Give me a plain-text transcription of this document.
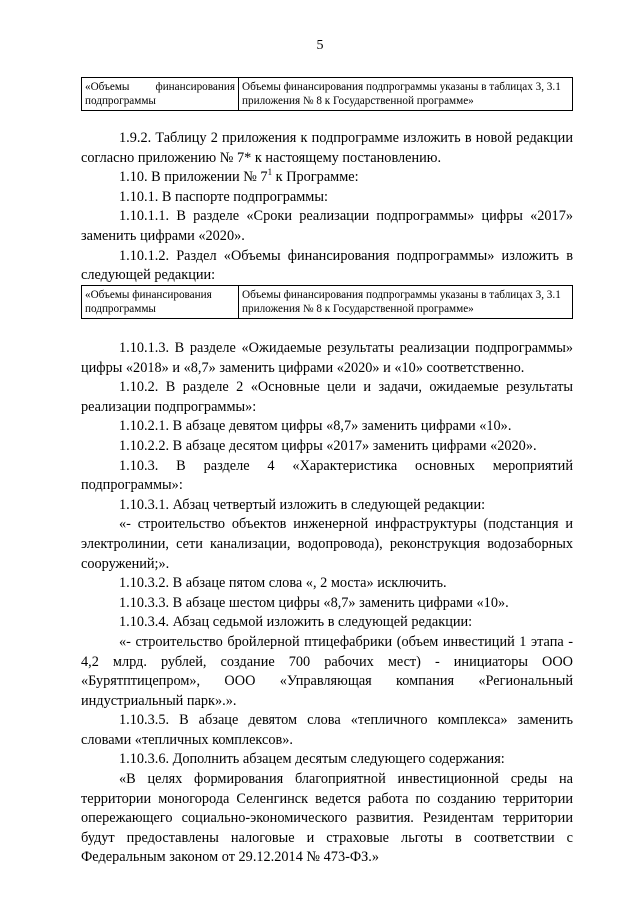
5
«Объемы финансирования
подпрограммы
	Объемы финансирования подпрограммы указаны в таблицах 3, 3.1 приложения № 8 к Государственной программе»

1.9.2. Таблицу 2 приложения к подпрограмме изложить в новой редакции согласно приложению № 7* к настоящему постановлению.

1.10. В приложении № $7^1$ к Программе:

1.10.1. В паспорте подпрограммы:

1.10.1.1. В разделе «Сроки реализации подпрограммы» цифры «2017» заменить цифрами «2020».

1.10.1.2. Раздел «Объемы финансирования подпрограммы» изложить в следующей редакции:

«Объемы финансирования
подпрограммы
	Объемы финансирования подпрограммы указаны в таблицах 3, 3.1 приложения № 8 к Государственной программе»

1.10.1.3. В разделе «Ожидаемые результаты реализации подпрограммы» цифры «2018» и «8,7» заменить цифрами «2020» и «10» соответственно.

1.10.2. В разделе 2 «Основные цели и задачи, ожидаемые результаты реализации подпрограммы»:

1.10.2.1. В абзаце девятом цифры «8,7» заменить цифрами «10».

1.10.2.2. В абзаце десятом цифры «2017» заменить цифрами «2020».

1.10.3. В разделе 4 «Характеристика основных мероприятий подпрограммы»:

1.10.3.1. Абзац четвертый изложить в следующей редакции:

«- строительство объектов инженерной инфраструктуры (подстанция и электролинии, сети канализации, водопровода), реконструкция водозаборных сооружений;».

1.10.3.2. В абзаце пятом слова «, 2 моста» исключить.

1.10.3.3. В абзаце шестом цифры «8,7» заменить цифрами «10».

1.10.3.4. Абзац седьмой изложить в следующей редакции:

«- строительство бройлерной птицефабрики (объем инвестиций 1 этапа - 4,2 млрд. рублей, создание 700 рабочих мест) - инициаторы ООО «Бурятптицепром», ООО «Управляющая компания «Региональный индустриальный парк».».

1.10.3.5. В абзаце девятом слова «тепличного комплекса» заменить словами «тепличных комплексов».

1.10.3.6. Дополнить абзацем десятым следующего содержания:

«В целях формирования благоприятной инвестиционной среды на территории моногорода Селенгинск ведется работа по созданию территории опережающего социально-экономического развития. Резидентам территории будут предоставлены налоговые и страховые льготы в соответствии с Федеральным законом от 29.12.2014 № 473-ФЗ.»
